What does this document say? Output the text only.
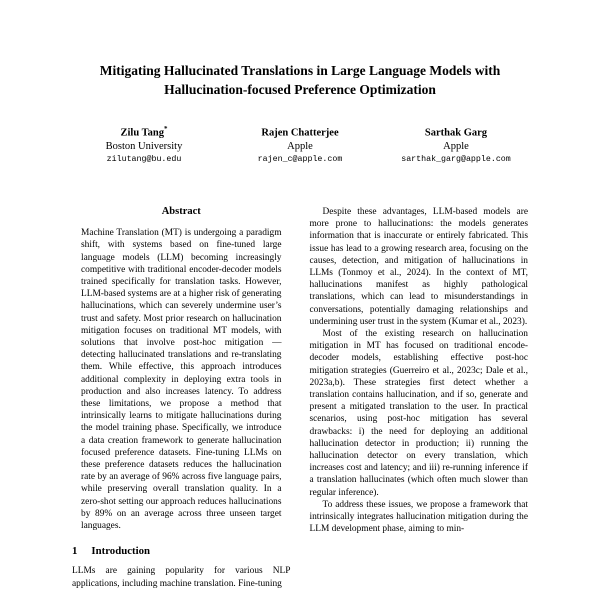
Mitigating Hallucinated Translations in Large Language Models with Hallucination-focused Preference Optimization
Zilu Tang*
Boston University
zilutang@bu.edu
Rajen Chatterjee
Apple
rajen_c@apple.com
Sarthak Garg
Apple
sarthak_garg@apple.com
Abstract

Machine Translation (MT) is undergoing a paradigm shift, with systems based on fine-tuned large language models (LLM) becoming increasingly competitive with traditional encoder-decoder models trained specifically for translation tasks. However, LLM-based systems are at a higher risk of generating hallucinations, which can severely undermine user’s trust and safety. Most prior research on hallucination mitigation focuses on traditional MT models, with solutions that involve post-hoc mitigation — detecting hallucinated translations and re-translating them. While effective, this approach introduces additional complexity in deploying extra tools in production and also increases latency. To address these limitations, we propose a method that intrinsically learns to mitigate hallucinations during the model training phase. Specifically, we introduce a data creation framework to generate hallucination focused preference datasets. Fine-tuning LLMs on these preference datasets reduces the hallucination rate by an average of 96% across five language pairs, while preserving overall translation quality. In a zero-shot setting our approach reduces hallucinations by 89% on an average across three unseen target languages.

1 Introduction

LLMs are gaining popularity for various NLP applications, including machine translation. Fine-tuning

Despite these advantages, LLM-based models are more prone to hallucinations: the models generates information that is inaccurate or entirely fabricated. This issue has lead to a growing research area, focusing on the causes, detection, and mitigation of hallucinations in LLMs (Tonmoy et al., 2024). In the context of MT, hallucinations manifest as highly pathological translations, which can lead to misunderstandings in conversations, potentially damaging relationships and undermining user trust in the system (Kumar et al., 2023).

Most of the existing research on hallucination mitigation in MT has focused on traditional encode-decoder models, establishing effective post-hoc mitigation strategies (Guerreiro et al., 2023c; Dale et al., 2023a,b). These strategies first detect whether a translation contains hallucination, and if so, generate and present a mitigated translation to the user. In practical scenarios, using post-hoc mitigation has several drawbacks: i) the need for deploying an additional hallucination detector in production; ii) running the hallucination detector on every translation, which increases cost and latency; and iii) re-running inference if a translation hallucinates (which often much slower than regular inference).

To address these issues, we propose a framework that intrinsically integrates hallucination mitigation during the LLM development phase, aiming to min-
